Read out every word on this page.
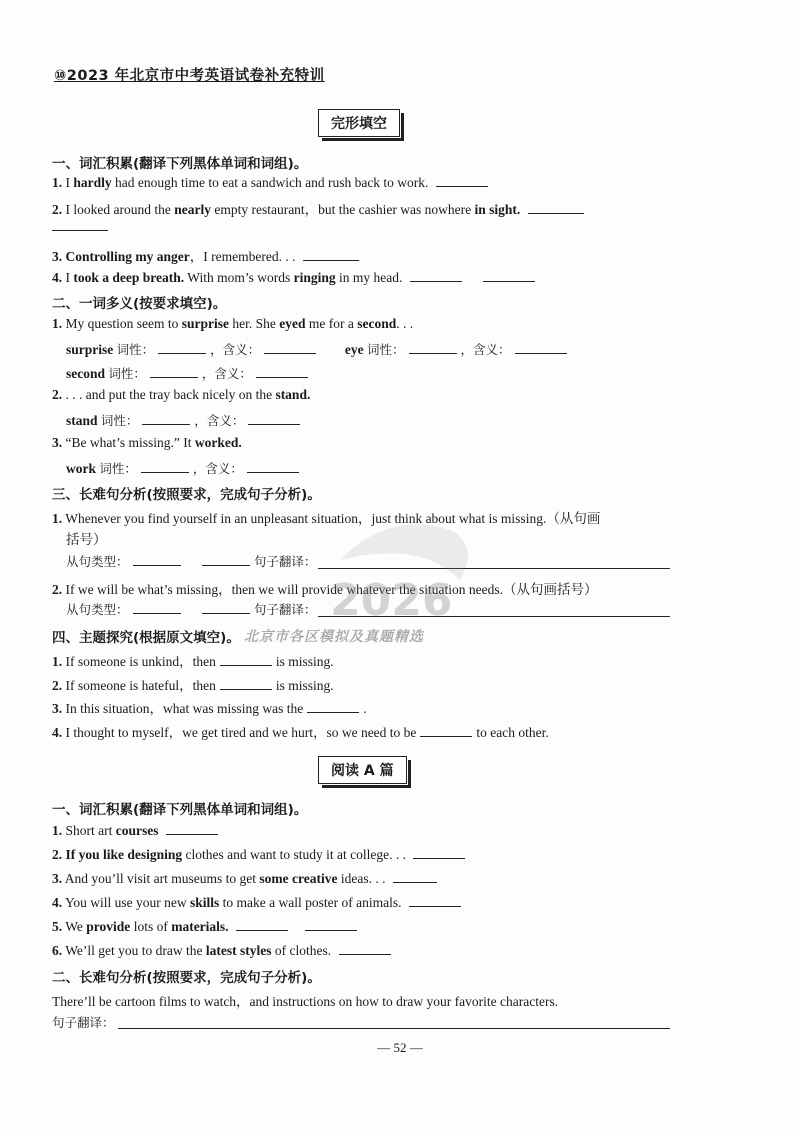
⑩2023 年北京市中考英语试卷补充特训
完形填空
一、词汇积累(翻译下列黑体单词和词组)。
1. I hardly had enough time to eat a sandwich and rush back to work.
2. I looked around the nearly empty restaurant，but the cashier was nowhere in sight.
3. Controlling my anger，I remembered. . .
4. I took a deep breath. With mom’s words ringing in my head.
二、一词多义(按要求填空)。
1. My question seem to surprise her. She eyed me for a second. . .
surprise 词性：	，含义：	eye 词性：	，含义：
second 词性：	，含义：
2. . . . and put the tray back nicely on the stand.
stand 词性：	，含义：
3. “Be what’s missing.” It worked.
work 词性：	，含义：
三、长难句分析(按照要求，完成句子分析)。
1. Whenever you find yourself in an unpleasant situation，just think about what is missing.（从句画
括号）
从句类型：	句子翻译：
2. If we will be what’s missing，then we will provide whatever the situation needs.（从句画括号）
从句类型：	句子翻译：
四、主题探究(根据原文填空)。
1. If someone is unkind，then	is missing.
2. If someone is hateful，then	is missing.
3. In this situation，what was missing was the	.
4. I thought to myself，we get tired and we hurt，so we need to be	to each other.
阅读 A 篇
一、词汇积累(翻译下列黑体单词和词组)。
1. Short art courses
2. If you like designing clothes and want to study it at college. . .
3. And you’ll visit art museums to get some creative ideas. . .
4. You will use your new skills to make a wall poster of animals.
5. We provide lots of materials.
6. We’ll get you to draw the latest styles of clothes.
二、长难句分析(按照要求，完成句子分析)。
There’ll be cartoon films to watch，and instructions on how to draw your favorite characters.
句子翻译：
2026
北京市各区模拟及真题精选
— 52 —
